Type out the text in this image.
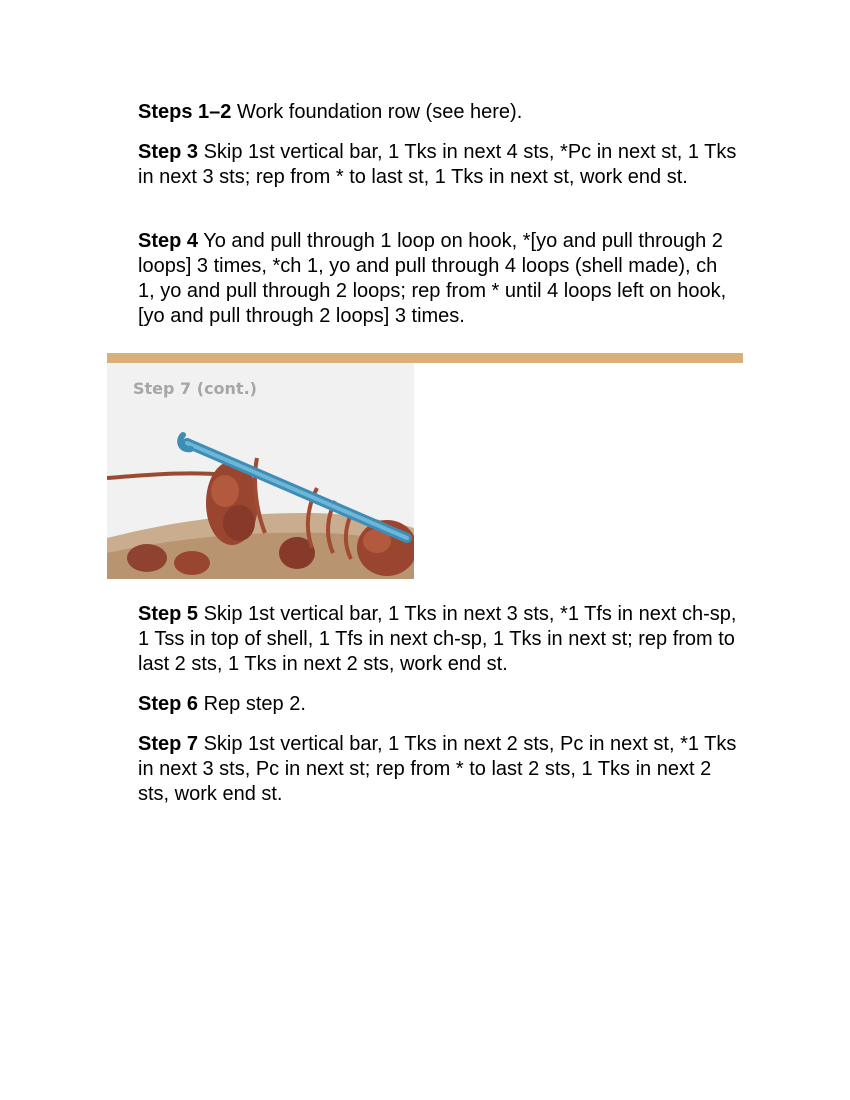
Steps 1–2 Work foundation row (see here).

Step 3 Skip 1st vertical bar, 1 Tks in next 4 sts, *Pc in next st, 1 Tks in next 3 sts; rep from * to last st, 1 Tks in next st, work end st.

Step 4 Yo and pull through 1 loop on hook, *[yo and pull through 2 loops] 3 times, *ch 1, yo and pull through 4 loops (shell made), ch 1, yo and pull through 2 loops; rep from * until 4 loops left on hook, [yo and pull through 2 loops] 3 times.

Step 7 (cont.)

Step 5 Skip 1st vertical bar, 1 Tks in next 3 sts, *1 Tfs in next ch-sp, 1 Tss in top of shell, 1 Tfs in next ch-sp, 1 Tks in next st; rep from to last 2 sts, 1 Tks in next 2 sts, work end st.

Step 6 Rep step 2.

Step 7 Skip 1st vertical bar, 1 Tks in next 2 sts, Pc in next st, *1 Tks in next 3 sts, Pc in next st; rep from * to last 2 sts, 1 Tks in next 2 sts, work end st.
